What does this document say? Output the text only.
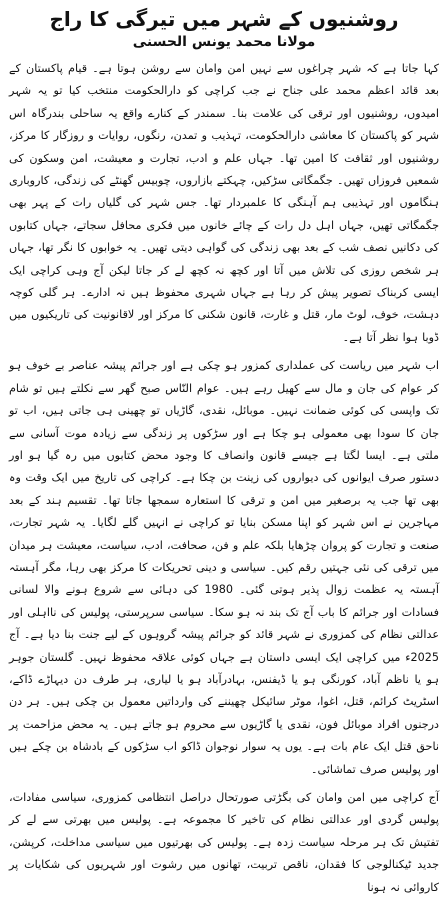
روشنیوں کے شہر میں تیرگی کا راج
مولانا محمد یونس الحسنی

کہا جاتا ہے کہ شہر چراغوں سے نہیں امن وامان سے روشن ہوتا ہے۔ قیام پاکستان کے بعد قائد اعظم محمد علی جناح نے جب کراچی کو دارالحکومت منتخب کیا تو یہ شہر امیدوں، روشنیوں اور ترقی کی علامت بنا۔ سمندر کے کنارے واقع یہ ساحلی بندرگاہ اس شہر کو پاکستان کا معاشی دارالحکومت، تہذیب و تمدن، رنگوں، روایات و روزگار کا مرکز، روشنیوں اور ثقافت کا امین تھا۔ جہاں علم و ادب، تجارت و معیشت، امن وسکون کی شمعیں فروزاں تھیں۔ جگمگاتی سڑکیں، چہکتے بازاروں، چوبیس گھنٹے کی زندگی، کاروباری ہنگاموں اور تہذیبی ہم آہنگی کا علمبردار تھا۔ جس شہر کی گلیاں رات کے پہر بھی جگمگاتی تھیں، جہاں اہل دل رات کے چائے خانوں میں فکری محافل سجاتے، جہاں کتابوں کی دکانیں نصف شب کے بعد بھی زندگی کی گواہی دیتی تھیں۔ یہ خوابوں کا نگر تھا، جہاں ہر شخص روزی کی تلاش میں آتا اور کچھ نہ کچھ لے کر جاتا لیکن آج وہی کراچی ایک ایسی کربناک تصویر پیش کر رہا ہے جہاں شہری محفوظ ہیں نہ ادارے۔ ہر گلی کوچہ دہشت، خوف، لوٹ مار، قتل و غارت، قانون شکنی کا مرکز اور لاقانونیت کی تاریکیوں میں ڈوبا ہوا نظر آتا ہے۔

اب شہر میں ریاست کی عملداری کمزور ہو چکی ہے اور جرائم پیشہ عناصر بے خوف ہو کر عوام کی جان و مال سے کھیل رہے ہیں۔ عوام النّاس صبح گھر سے نکلتے ہیں تو شام تک واپسی کی کوئی ضمانت نہیں۔ موبائل، نقدی، گاڑیاں تو چھینی ہی جاتی ہیں، اب تو جان کا سودا بھی معمولی ہو چکا ہے اور سڑکوں پر زندگی سے زیادہ موت آسانی سے ملتی ہے۔ ایسا لگتا ہے جیسے قانون وانصاف کا وجود محض کتابوں میں رہ گیا ہو اور دستور صرف ایوانوں کی دیواروں کی زینت بن چکا ہے۔ کراچی کی تاریخ میں ایک وقت وہ بھی تھا جب یہ برصغیر میں امن و ترقی کا استعارہ سمجھا جاتا تھا۔ تقسیم ہند کے بعد مہاجرین نے اس شہر کو اپنا مسکن بنایا تو کراچی نے انہیں گلے لگایا۔ یہ شہر تجارت، صنعت و تجارت کو پروان چڑھایا بلکہ علم و فن، صحافت، ادب، سیاست، معیشت ہر میدان میں ترقی کی نئی جہتیں رقم کیں۔ سیاسی و دینی تحریکات کا مرکز بھی رہا، مگر آہستہ آہستہ یہ عظمت زوال پذیر ہوتی گئی۔ 1980 کی دہائی سے شروع ہونے والا لسانی فسادات اور جرائم کا باب آج تک بند نہ ہو سکا۔ سیاسی سرپرستی، پولیس کی نااہلی اور عدالتی نظام کی کمزوری نے شہر قائد کو جرائم پیشہ گروہوں کے لیے جنت بنا دیا ہے۔ آج 2025ء میں کراچی ایک ایسی داستان ہے جہاں کوئی علاقہ محفوظ نہیں۔ گلستان جوہر ہو یا ناظم آباد، کورنگی ہو یا ڈیفنس، بہادرآباد ہو یا لیاری، ہر طرف دن دیہاڑے ڈاکے، اسٹریٹ کرائم، قتل، اغوا، موٹر سائیکل چھیننے کی وارداتیں معمول بن چکی ہیں۔ ہر دن درجنوں افراد موبائل فون، نقدی یا گاڑیوں سے محروم ہو جاتے ہیں۔ یہ محض مزاحمت پر ناحق قتل ایک عام بات ہے۔ یوں یہ سوار نوجوان ڈاکو اب سڑکوں کے بادشاہ بن چکے ہیں اور پولیس صرف تماشائی۔

آج کراچی میں امن وامان کی بگڑتی صورتحال دراصل انتظامی کمزوری، سیاسی مفادات، پولیس گردی اور عدالتی نظام کی تاخیر کا مجموعہ ہے۔ پولیس میں بھرتی سے لے کر تفتیش تک ہر مرحلہ سیاست زدہ ہے۔ پولیس کی بھرتیوں میں سیاسی مداخلت، کرپشن، جدید ٹیکنالوجی کا فقدان، ناقص تربیت، تھانوں میں رشوت اور شہریوں کی شکایات پر کاروائی نہ ہونا
